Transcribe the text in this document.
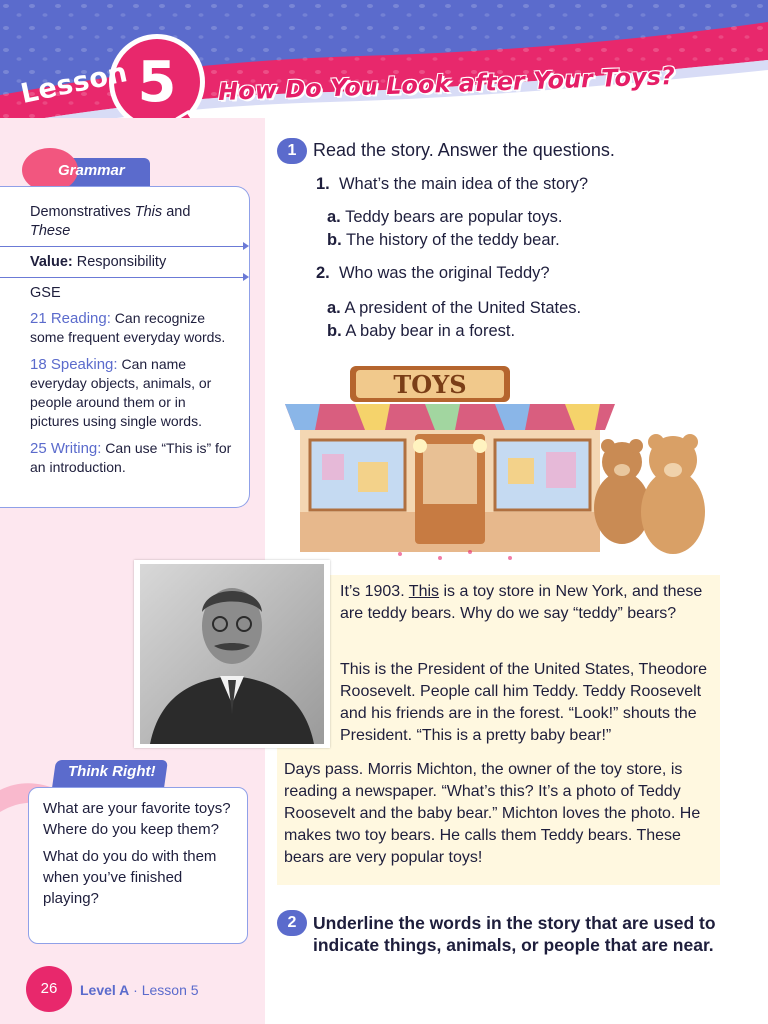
Lesson 5	How Do You Look after Your Toys?
Grammar
Demonstratives This and
These
Value: Responsibility
GSE
21 Reading: Can recognize some frequent everyday words.
18 Speaking: Can name everyday objects, animals, or people around them or in pictures using single words.
25 Writing: Can use “This is” for an introduction.
Think Right!

What are your favorite toys? Where do you keep them?

What do you do with them when you’ve finished playing?

26	Level A · Lesson 5
1 Read the story. Answer the questions.
1. What’s the main idea of the story?
a. Teddy bears are popular toys.
b. The history of the teddy bear.
2. Who was the original Teddy?
a. A president of the United States.
b. A baby bear in a forest.
TOYS
It’s 1903. This is a toy store in New York, and these are teddy bears. Why do we say “teddy” bears?
This is the President of the United States, Theodore Roosevelt. People call him Teddy. Teddy Roosevelt and his friends are in the forest. “Look!” shouts the President. “This is a pretty baby bear!”
Days pass. Morris Michton, the owner of the toy store, is reading a newspaper. “What’s this? It’s a photo of Teddy Roosevelt and the baby bear.” Michton loves the photo. He makes two toy bears. He calls them Teddy bears. These bears are very popular toys!
2 Underline the words in the story that are used to indicate things, animals, or people that are near.
